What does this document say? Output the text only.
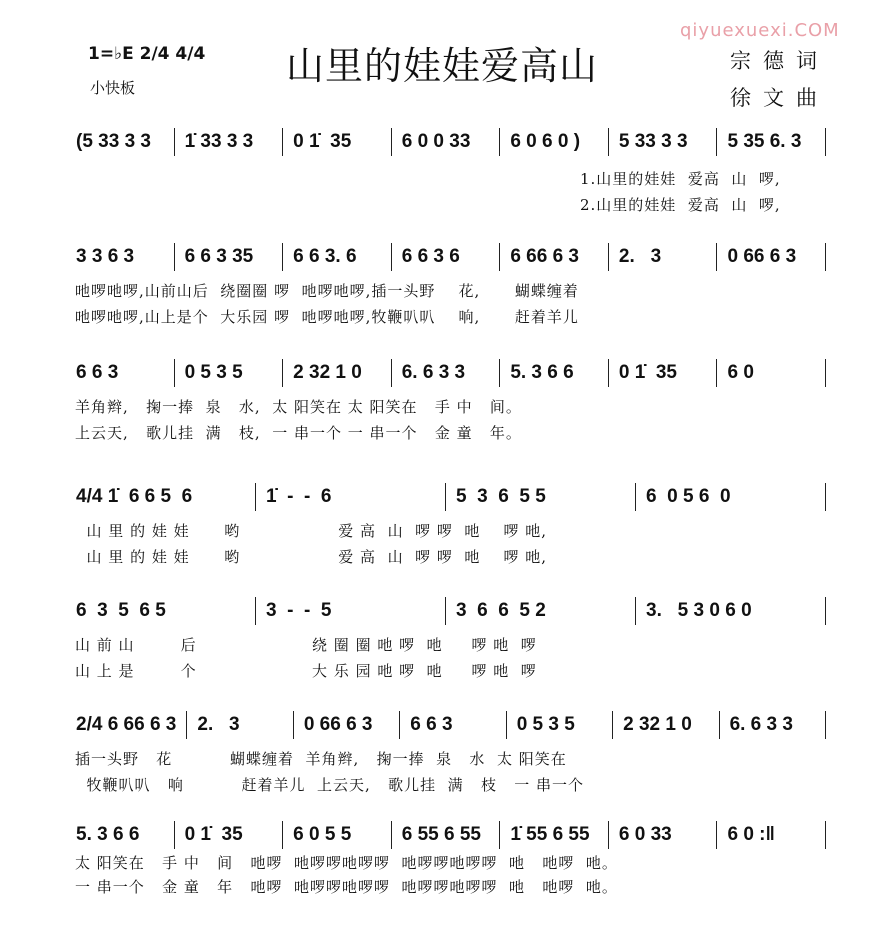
qiyuexuexi.COM
1=♭E 2/4 4/4
小快板	山里的娃娃爱高山	宗德词
徐文曲
(5 33 3 3	1̇ 33 3 3	0 1̇  35	6 0 0 33	6 0 6 0 )	5 33 3 3	5 35 6. 3
1.山里的娃娃  爱高  山  啰,
2.山里的娃娃  爱高  山  啰,
3 3 6 3	6 6 3 35	6 6 3. 6	6 6 3 6	6 66 6 3	2.   3	0 66 6 3
吔啰吔啰,山前山后  绕圈圈 啰  吔啰吔啰,插一头野    花,      蝴蝶缠着
吔啰吔啰,山上是个  大乐园 啰  吔啰吔啰,牧鞭叭叭    响,      赶着羊儿
6 6 3	0 5 3 5	2 32 1 0	6. 6 3 3	5. 3 6 6	0 1̇  35	6 0
羊角辫,   掬一捧  泉   水,  太 阳笑在 太 阳笑在   手 中   间。
上云天,   歌儿挂  满   枝,  一 串一个 一 串一个   金 童   年。
4/4 1̇  6 6 5  6	1̇  -  -  6	5  3  6  5 5	6  0 5 6  0
山 里 的 娃 娃      哟                 爱 高  山  啰 啰  吔    啰 吔,
山 里 的 娃 娃      哟                 爱 高  山  啰 啰  吔    啰 吔,
6  3  5  6 5	3  -  -  5	3  6  6  5 2	3.   5 3 0 6 0
山 前 山        后                    绕 圈 圈 吔 啰  吔     啰 吔  啰
山 上 是        个                    大 乐 园 吔 啰  吔     啰 吔  啰
2/4 6 66 6 3	2.   3	0 66 6 3	6 6 3	0 5 3 5	2 32 1 0	6. 6 3 3
插一头野   花          蝴蝶缠着  羊角辫,   掬一捧  泉   水  太 阳笑在
牧鞭叭叭   响          赶着羊儿  上云天,   歌儿挂  满   枝   一 串一个
5. 3 6 6	0 1̇  35	6 0 5 5	6 55 6 55	1̇ 55 6 55	6 0 33	6 0 :‖
太 阳笑在   手 中   间   吔啰  吔啰啰吔啰啰  吔啰啰吔啰啰  吔   吔啰  吔。
一 串一个   金 童   年   吔啰  吔啰啰吔啰啰  吔啰啰吔啰啰  吔   吔啰  吔。
